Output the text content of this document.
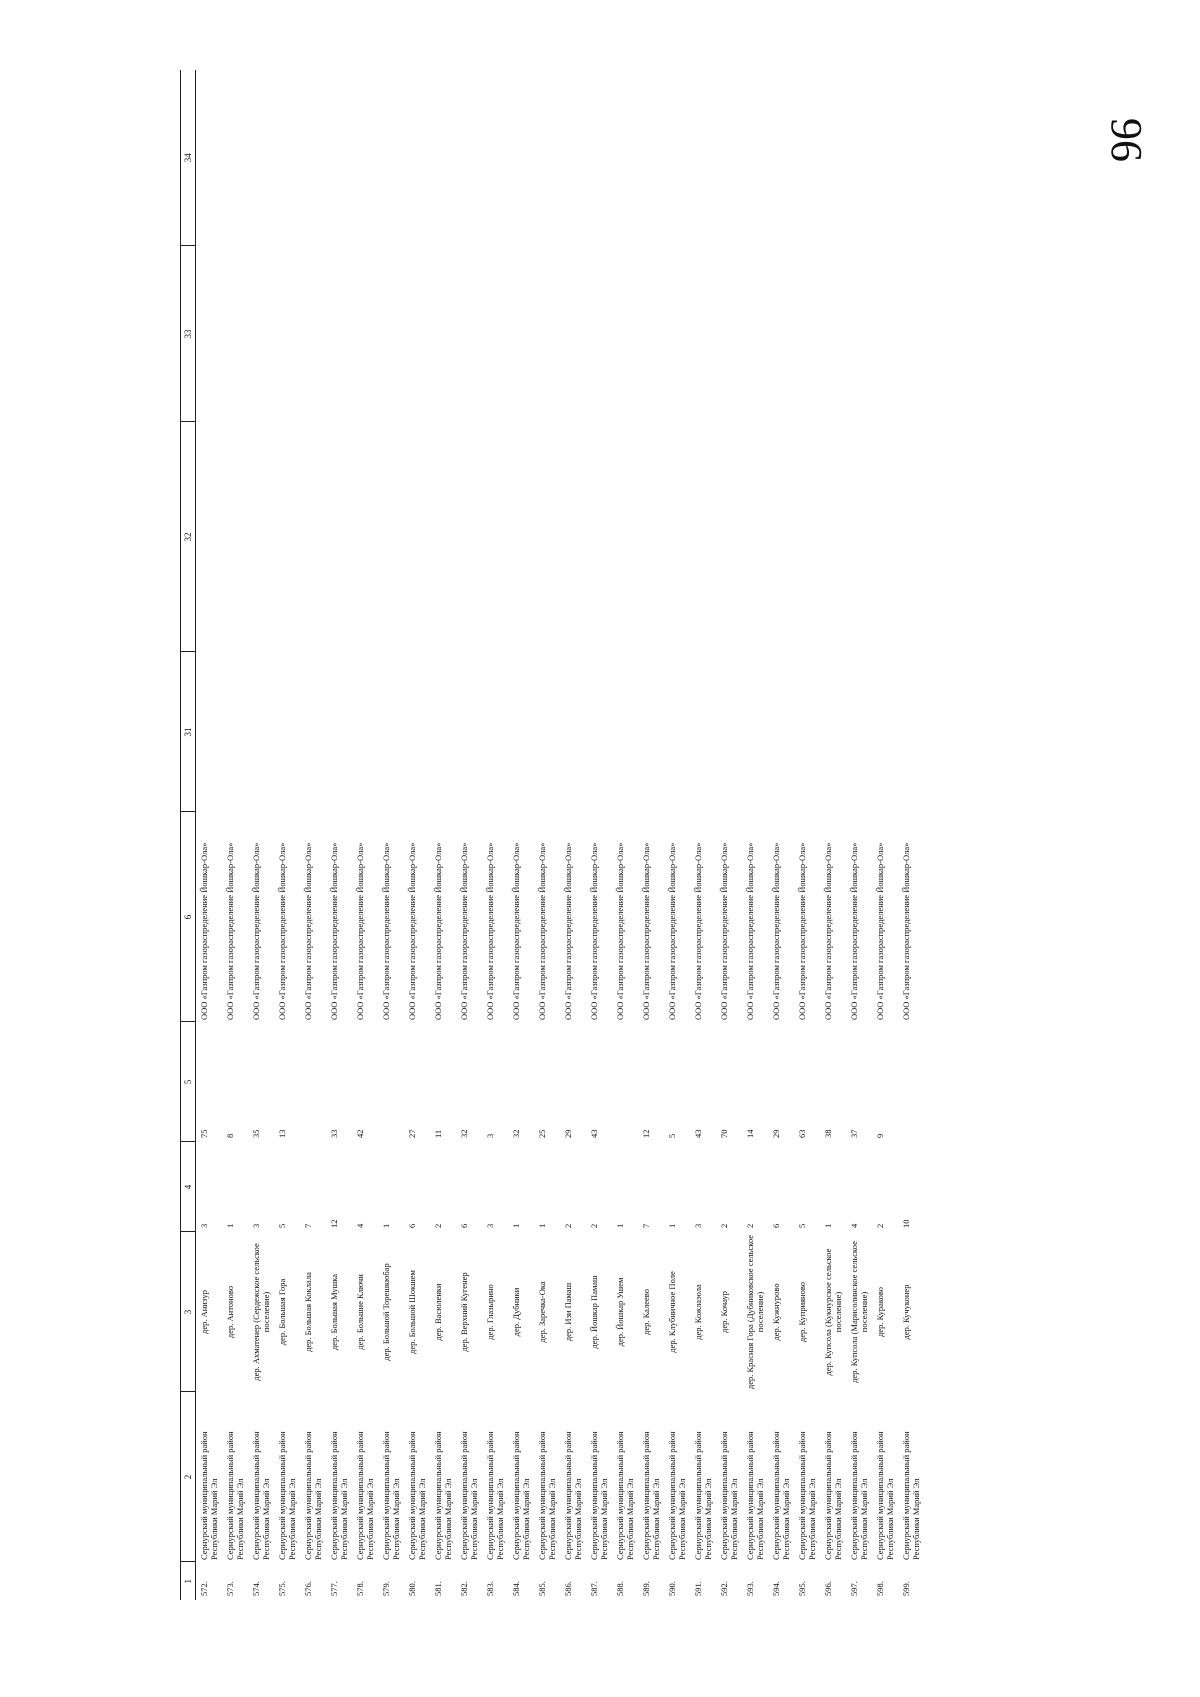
96
1	2	3	4	5	6	31	32	33	34
572.	Сернурский муниципальный район Республики Марий Эл	дер. Аниэур	3	75	ООО «Газпром газораспределение Йошкар-Ола»				
573.	Сернурский муниципальный район Республики Марий Эл	дер. Антоново	1	8	ООО «Газпром газораспределение Йошкар-Ола»				
574.	Сернурский муниципальный район Республики Марий Эл	дер. Ахматенер (Сердежское сельское поселение)	3	35	ООО «Газпром газораспределение Йошкар-Ола»				
575.	Сернурский муниципальный район Республики Марий Эл	дер. Большая Гора	5	13	ООО «Газпром газораспределение Йошкар-Ола»				
576.	Сернурский муниципальный район Республики Марий Эл	дер. Большая Коклала	7		ООО «Газпром газораспределение Йошкар-Ола»				
577.	Сернурский муниципальный район Республики Марий Эл	дер. Большая Мушка	12	33	ООО «Газпром газораспределение Йошкар-Ола»				
578.	Сернурский муниципальный район Республики Марий Эл	дер. Большие Ключи	4	42	ООО «Газпром газораспределение Йошкар-Ола»				
579.	Сернурский муниципальный район Республики Марий Эл	дер. Большой Торешкюбар	1		ООО «Газпром газораспределение Йошкар-Ола»				
580.	Сернурский муниципальный район Республики Марий Эл	дер. Большой Шокшем	6	27	ООО «Газпром газораспределение Йошкар-Ола»				
581.	Сернурский муниципальный район Республики Марий Эл	дер. Васюленки	2	11	ООО «Газпром газораспределение Йошкар-Ола»				
582.	Сернурский муниципальный район Республики Марий Эл	дер. Верхний Кугенер	6	32	ООО «Газпром газораспределение Йошкар-Ола»				
583.	Сернурский муниципальный район Республики Марий Эл	дер. Глазырино	3	3	ООО «Газпром газораспределение Йошкар-Ола»				
584.	Сернурский муниципальный район Республики Марий Эл	дер. Дубники	1	32	ООО «Газпром газораспределение Йошкар-Ола»				
585.	Сернурский муниципальный район Республики Марий Эл	дер. Заречка-Ока	1	25	ООО «Газпром газораспределение Йошкар-Ола»				
586.	Сернурский муниципальный район Республики Марий Эл	дер. Изи Памаш	2	29	ООО «Газпром газораспределение Йошкар-Ола»				
587.	Сернурский муниципальный район Республики Марий Эл	дер. Йошкар Памаш	2	43	ООО «Газпром газораспределение Йошкар-Ола»				
588.	Сернурский муниципальный район Республики Марий Эл	дер. Йошкар Ушем	1		ООО «Газпром газораспределение Йошкар-Ола»				
589.	Сернурский муниципальный район Республики Марий Эл	дер. Калеево	7	12	ООО «Газпром газораспределение Йошкар-Ола»				
590.	Сернурский муниципальный район Республики Марий Эл	дер. Клубничное Поле	1	5	ООО «Газпром газораспределение Йошкар-Ола»				
591.	Сернурский муниципальный район Республики Марий Эл	дер. Кожлаэола	3	43	ООО «Газпром газораспределение Йошкар-Ола»				
592.	Сернурский муниципальный район Республики Марий Эл	дер. Кочаур	2	70	ООО «Газпром газораспределение Йошкар-Ола»				
593.	Сернурский муниципальный район Республики Марий Эл	дер. Красная Гора (Дубниковское сельское поселение)	2	14	ООО «Газпром газораспределение Йошкар-Ола»				
594.	Сернурский муниципальный район Республики Марий Эл	дер. Кужнурово	6	29	ООО «Газпром газораспределение Йошкар-Ола»				
595.	Сернурский муниципальный район Республики Марий Эл	дер. Куприяново	5	63	ООО «Газпром газораспределение Йошкар-Ола»				
596.	Сернурский муниципальный район Республики Марий Эл	дер. Купсола (Кукнурское сельское поселение)	1	38	ООО «Газпром газораспределение Йошкар-Ола»				
597.	Сернурский муниципальный район Республики Марий Эл	дер. Купсола (Марисолинское сельское поселение)	4	37	ООО «Газпром газораспределение Йошкар-Ола»				
598.	Сернурский муниципальный район Республики Марий Эл	дер. Кураково	2	9	ООО «Газпром газораспределение Йошкар-Ола»				
599.	Сернурский муниципальный район Республики Марий Эл	дер. Кучуконер	10		ООО «Газпром газораспределение Йошкар-Ола»				
